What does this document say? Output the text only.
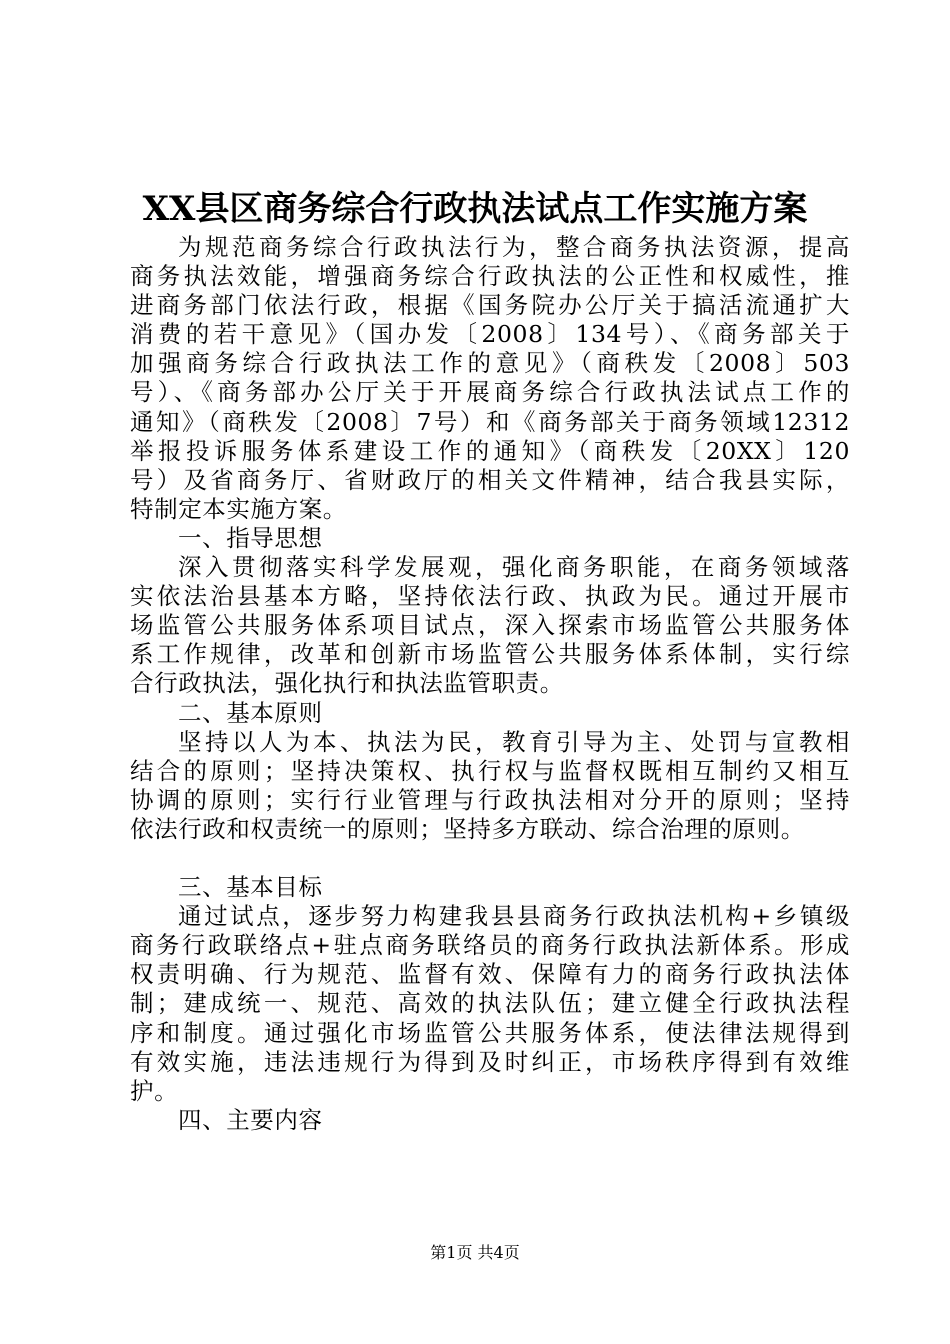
XX县区商务综合行政执法试点工作实施方案
为规范商务综合行政执法行为，整合商务执法资源，提高
商务执法效能，增强商务综合行政执法的公正性和权威性，推
进商务部门依法行政，根据《国务院办公厅关于搞活流通扩大
消费的若干意见》（国办发〔2008〕134号）、《商务部关于
加强商务综合行政执法工作的意见》（商秩发〔2008〕503
号）、《商务部办公厅关于开展商务综合行政执法试点工作的
通知》（商秩发〔2008〕7号）和《商务部关于商务领域12312
举报投诉服务体系建设工作的通知》（商秩发〔20XX〕120
号）及省商务厅、省财政厅的相关文件精神，结合我县实际，
特制定本实施方案。
一、指导思想
深入贯彻落实科学发展观，强化商务职能，在商务领域落
实依法治县基本方略，坚持依法行政、执政为民。通过开展市
场监管公共服务体系项目试点，深入探索市场监管公共服务体
系工作规律，改革和创新市场监管公共服务体系体制，实行综
合行政执法，强化执行和执法监管职责。
二、基本原则
坚持以人为本、执法为民，教育引导为主、处罚与宣教相
结合的原则；坚持决策权、执行权与监督权既相互制约又相互
协调的原则；实行行业管理与行政执法相对分开的原则；坚持
依法行政和权责统一的原则；坚持多方联动、综合治理的原则。
三、基本目标
通过试点，逐步努力构建我县县商务行政执法机构+乡镇级
商务行政联络点+驻点商务联络员的商务行政执法新体系。形成
权责明确、行为规范、监督有效、保障有力的商务行政执法体
制；建成统一、规范、高效的执法队伍；建立健全行政执法程
序和制度。通过强化市场监管公共服务体系，使法律法规得到
有效实施，违法违规行为得到及时纠正，市场秩序得到有效维
护。
四、主要内容
第1页 共4页
